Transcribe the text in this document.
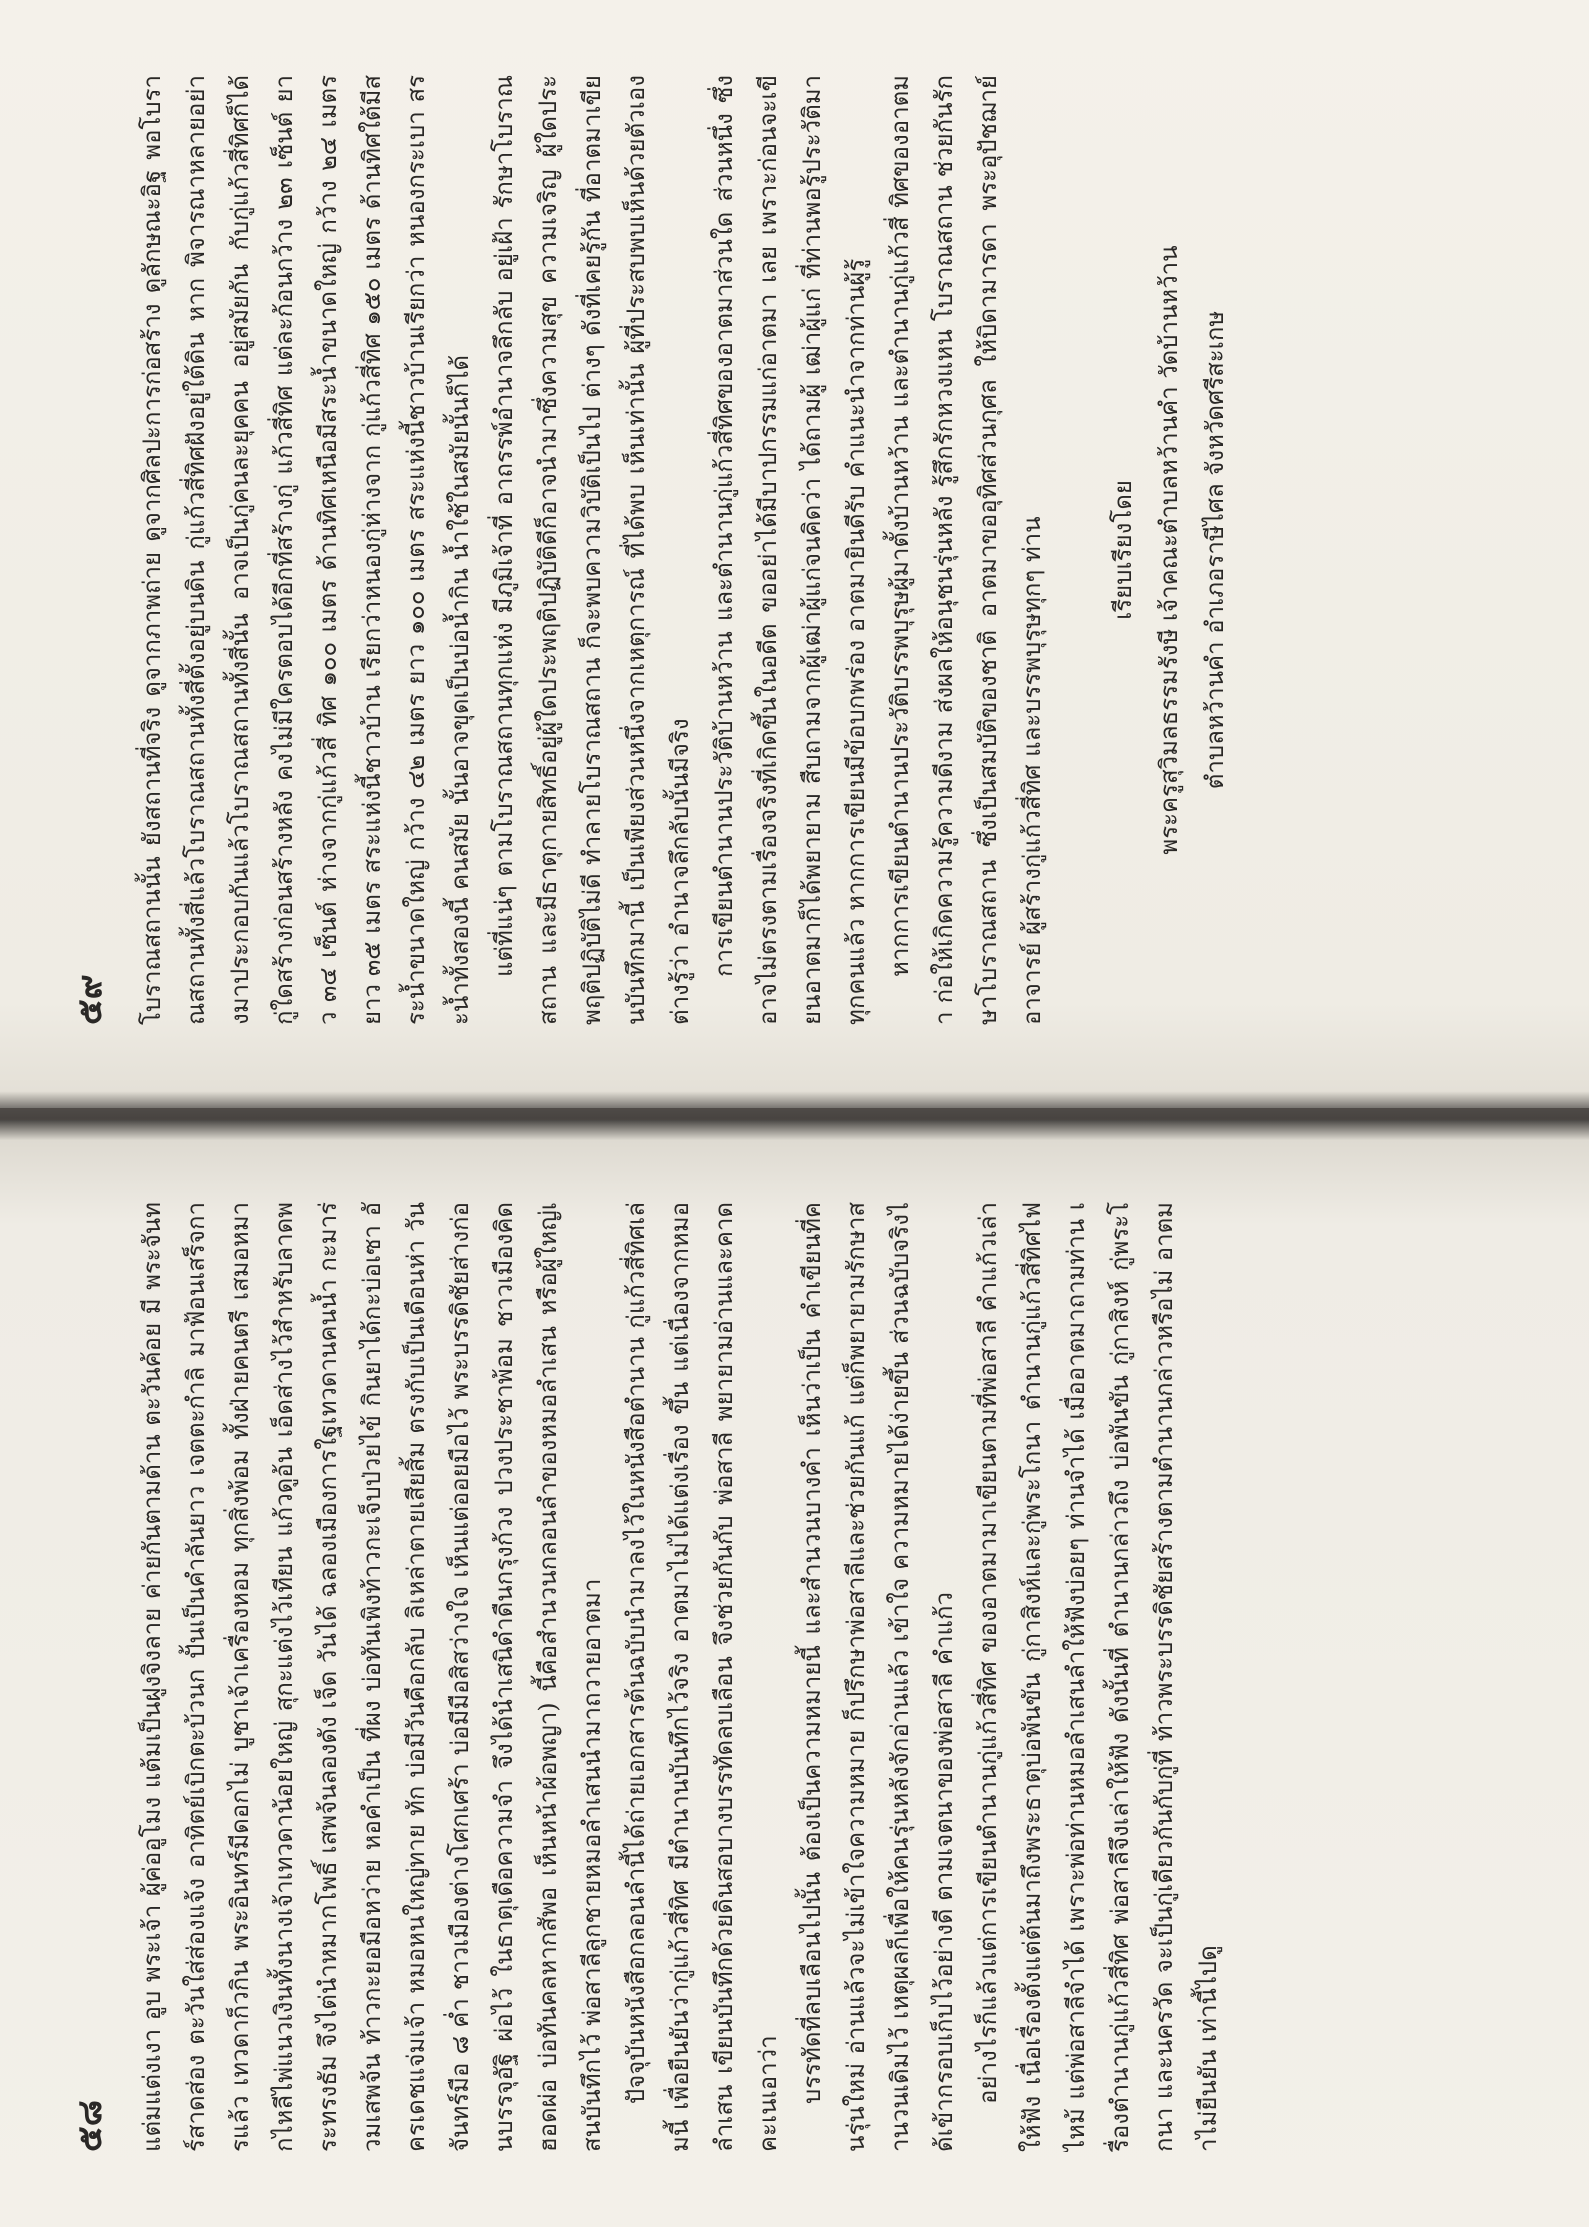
๕๙	โบราณสถานนั้น ยังสถานที่จริง ดูจากภาพถ่าย ดูจากศิลปะการก่อสร้าง ดูลักษณะอิฐ พอโบราณสถานทั้งสี่แล้วโบราณสถานทั้งสี่ตั้งอยู่บนดิน กู่แก้วสี่ทิศฝังอยู่ใต้ดิน หาก พิจารณาหลายอย่างมาประกอบกันแล้วโบราณสถานทั้งสี่นั้น อาจเป็นกู่คนละยุคคน อยู่สมัยกัน กับกู่แก้วสี่ทิศก็ได้ กู่ใดสร้างก่อนสร้างหลัง คงไม่มีใครตอบได้อีกที่สร้างกู่ แก้วสี่ทิศ แต่ละก้อนกว้าง ๒๓ เซ็นต์ ยาว ๓๔ เซ็นต์ ห่างจากกู่แก้วสี่ ทิศ ๑๐๐ เมตร ด้านทิศเหนือมีสระน้ำขนาดใหญ่ กว้าง ๒๔ เมตร ยาว ๓๕ เมตร สระแห่งนี้ชาวบ้าน เรียกว่าหนองกู่ห่างจาก กู่แก้วสี่ทิศ ๑๕๐ เมตร ด้านทิศใต้มีสระน้ำขนาดใหญ่ กว้าง ๔๒ เมตร ยาว ๑๐๐ เมตร สระแห่งนี้ชาวบ้านเรียกว่า หนองกระเบา สระน้ำทั้งสองนี้ คนสมัย นั้นอาจขุดเป็นบ่อน้ำกิน น้ำใช้ในสมัยนั้นก็ได้ แต่ที่แน่ๆ ตามโบราณสถานทุกแห่ง มีภูมิเจ้าที่ อาถรรพ์อำนาจลึกลับ อยู่เฝ้า รักษาโบราณสถาน และมีธาตุกายสิทธิ์อยู่ผู้ใดประพฤติปฏิบัติดีก็อาจนำมาซึ่งความสุข ความเจริญ ผู้ใดประพฤติปฏิบัติไม่ดี ทำลายโบราณสถาน ก็จะพบความวิบัติเป็นไป ต่างๆ ดังที่เคยรู้กัน ที่อาตมาเขียนบันทึกมานี้ เป็นเพียงส่วนหนึ่งจากเหตุการณ์ ที่ได้พบ เห็นเท่านั้น ผู้ที่ประสบพบเห็นด้วยตัวเองต่างรู้ว่า อำนาจลึกลับนั้นมีจริง การเขียนตำนานประวัติบ้านหว้าน และตำนานกู่แก้วสี่ทิศของอาตมาส่วนใด ส่วนหนึ่ง ซึ่งอาจไม่ตรงตามเรื่องจริงที่เกิดขึ้นในอดีต ขออย่าได้มีบาปกรรมแก่อาตมา เลย เพราะก่อนจะเขียนอาตมาก็ได้พยายาม สืบถามจากผู้เฒ่าผู้แก่จนคิดว่า ได้ถามผู้ เฒ่าผู้แก่ ที่ท่านพอรู้ประวัติมาทุกคนแล้ว หากการเขียนมีข้อบกพร่อง อาตมายินดีรับ คำแนะนำจากท่านผู้รู้ หากการเขียนตำนานประวัติบรรพบุรุษผู้มาตั้งบ้านหว้าน และตำนานกู่แก้วสี่ ทิศของอาตมา ก่อให้เกิดความรู้ความดีงาม ส่งผลให้อนุชนรุ่นหลัง รู้สึกรักหวงแหน โบราณสถาน ช่วยกันรักษาโบราณสถาน ซึ่งเป็นสมบัติของชาติ อาตมาขออุทิศส่วนกุศล ให้บิดามารดา พระอุปัชฌาย์ อาจารย์ ผู้สร้างกู่แก้วสี่ทิศ และบรรพบุรุษทุกๆ ท่าน	เรียบเรียงโดย พระครูสุวิมลธรรมรังษี เจ้าคณะตำบลหว้านคำ วัดบ้านหว้าน ตำบลหว้านคำ อำเภอราษีไศล จังหวัดศรีสะเกษ

๕๘	แต่มแต่งเงา อูบ พระเจ้า ผู้ค่ออูโมง แต้มเป็นฝูงจิงลาย ค่ายกันตามด้าน ตะวันค้อย มี พระจันทร์สาดส่อง ตะวันใส่ส่องแจ้ง อาทิตย์เบิกตะบ้วนก ปั้นเป็นคำลันยาว เจตตะกำลิ มาฟ้อนเสร็จการแล้ว เทวดาก็วกิน พระอินทร์มีดอกไม่ บูชาเจ้าเครื่องหอม ทุกสิ่งพ้อม ทั้งฝ่ายคนตรี เสมอหมากไหลีไพ่แนวเงินทั้งนางเจ้าเทวดาน้อยใหญ่ สุกะแต่งไว้เทียน แก้วดูอ้น เอ็ดส่างไว้สำหรับลาดพระทรงธัม จึงไต่นำหมากโพธิ์ เสพจ้นลองดัง เจ็ด วันได้ ฉลองเมืองการใฐเทวดานคนน้ำ กะมาร่วมเสพจ้น ท้าวกะยอมือหว่าย หอคำเป็น ที่ผง บ่อทันเพิงท้าวกะเจ็บป่วยไข้ กินยาได้กะบ่อเซา อัครเดชแจ่มเจ้า หมอหนใหญ่ทาย ทัก บ่อมีวันคือกลับ ลิเหล่าตายเสียสิ้ม ตรงกับเป็นเดือนห่า วันจันทร์มือ ๘ ค่ำ ชาวเมืองต่างโศกเศร้า บ่อมีมือสิสว่างใจ เห็นแต่ออยมือไว้ พระบรรดิชัยส่างก่อนบรรจุอัฐิ ผ่อไว้ ในธาตุเดือความจำ จึงได้นำเสนิดำดืนกรุงก้วง ปวงประชาพ้อม ชาวเมืองคิด ฮอดผ่อ บ่อทันคลหากสัพอ เห็นหน้าผ้อพญา) นี้คือสำนวนกลอนลำของหมอลำเสน หรือผู้ใหญ่เสนบันทึกไว้ พ่อสาลีลูกชายหมอลำเสนนำมาถวายอาตมา ปัจจุบันหนังสือกลอนลำนี้ได้ถ่ายเอกสารต้นฉบับนำมาลงไว้ในหนังสือตำนาน กู่แก้วสี่ทิศเล่มนี้ เพื่อยืนยันว่ากู่แก้วสี่ทิศ มีตำนานบันทึกไว้จริง อาตมาไม่ได้แต่งเรื่อง ขึ้น แต่เนื่องจากหมอลำเสน เขียนบันทึกด้วยดินสอบางบรรทัดลบเลือน จึงช่วยกันกับ พ่อสาลี พยายามอ่านและคาดคะเนเอาว่า บรรทัดที่ลบเลือนไปนั้น ต้องเป็นความหมายนี้ และสำนวนบางคำ เห็นว่าเป็น คำเขียนที่คนรุ่นใหม่ อ่านแล้วจะไม่เข้าใจความหมาย ก็ปรึกษาพ่อสาลีและช่วยกันแก้ แต่ก็พยายามรักษาสำนวนเดิมไว้ เหตุผลก็เพื่อให้คนรุ่นหลังจักอ่านแล้ว เข้าใจ ความหมายได้ง่ายขึ้น ส่วนฉบับจริงได้เข้ากรอบเก็บไว้อย่างดี ตามเจตนาของพ่อสาลี คำแก้ว อย่างไรก็แล้วแต่การเขียนตำนานกู่แก้วสี่ทิศ ของอาตมามาเขียนตามที่พ่อสาลี คำแก้วเล่าให้ฟัง เนื่อเรื่องตั้งแต่ต้นมาถึงพระธาตุบ่อพันขัน กู่กาสิงห์และกู่พระโกนา ตำนานกู่แก้วสี่ทิศไฟไหม้ แต่พ่อสาลีจำได้ เพราะพ่อท่านหมอลำเสนลำให้ฟังบ่อยๆ ท่านจำได้ เมื่ออาตมาถามท่าน เรื่องตำนานกู่แก้วสี่ทิศ พ่อสาลีจึงเล่าให้ฟัง ดังนั้นที่ ตำนานกล่าวถึง บ่อพันขัน กู่กาสิงห์ กู่พระโกนา และนครวัด จะเป็นกู่เดียวกันกับกู่ที่ ท้าวพระบรรดิชัยสร้างตามตำนานกล่าวหรือไม่ อาตมาไม่ยืนยัน เท่านี้ไปดู
